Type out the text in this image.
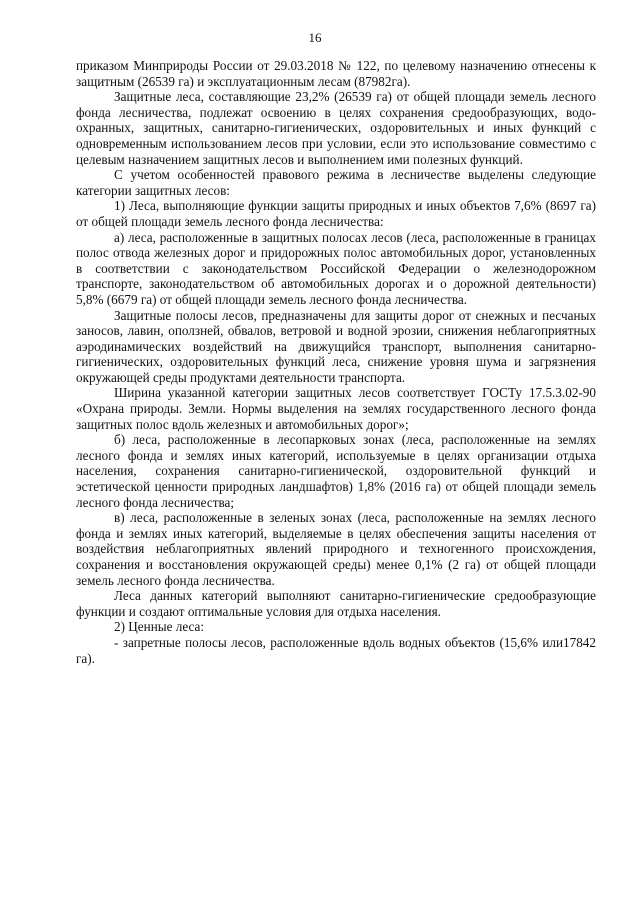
16

приказом Минприроды России от 29.03.2018 № 122, по целевому назначению отнесены к защитным (26539 га) и эксплуатационным лесам (87982га).

Защитные леса, составляющие 23,2% (26539 га) от общей площади земель лесного фонда лесничества, подлежат освоению в целях сохранения средообразующих, водо-охранных, защитных, санитарно-гигиенических, оздоровительных и иных функций с одновременным использованием лесов при условии, если это использование совместимо с целевым назначением защитных лесов и выполнением ими полезных функций.

С учетом особенностей правового режима в лесничестве выделены следующие категории защитных лесов:

1) Леса, выполняющие функции защиты природных и иных объектов 7,6% (8697 га) от общей площади земель лесного фонда лесничества:

а) леса, расположенные в защитных полосах лесов (леса, расположенные в границах полос отвода железных дорог и придорожных полос автомобильных дорог, установленных в соответствии с законодательством Российской Федерации о железнодорожном транспорте, законодательством об автомобильных дорогах и о дорожной деятельности) 5,8% (6679 га) от общей площади земель лесного фонда лесничества.

Защитные полосы лесов, предназначены для защиты дорог от снежных и песчаных заносов, лавин, оползней, обвалов, ветровой и водной эрозии, снижения неблагоприятных аэродинамических воздействий на движущийся транспорт, выполнения санитарно-гигиенических, оздоровительных функций леса, снижение уровня шума и загрязнения окружающей среды продуктами деятельности транспорта.

Ширина указанной категории защитных лесов соответствует ГОСТу 17.5.3.02-90 «Охрана природы. Земли. Нормы выделения на землях государственного лесного фонда защитных полос вдоль железных и автомобильных дорог»;

б) леса, расположенные в лесопарковых зонах (леса, расположенные на землях лесного фонда и землях иных категорий, используемые в целях организации отдыха населения, сохранения санитарно-гигиенической, оздоровительной функций и эстетической ценности природных ландшафтов) 1,8% (2016 га) от общей площади земель лесного фонда лесничества;

в) леса, расположенные в зеленых зонах (леса, расположенные на землях лесного фонда и землях иных категорий, выделяемые в целях обеспечения защиты населения от воздействия неблагоприятных явлений природного и техногенного происхождения, сохранения и восстановления окружающей среды) менее 0,1% (2 га) от общей площади земель лесного фонда лесничества.

Леса данных категорий выполняют санитарно-гигиенические средообразующие функции и создают оптимальные условия для отдыха населения.

2) Ценные леса:

- запретные полосы лесов, расположенные вдоль водных объектов (15,6% или17842 га).
